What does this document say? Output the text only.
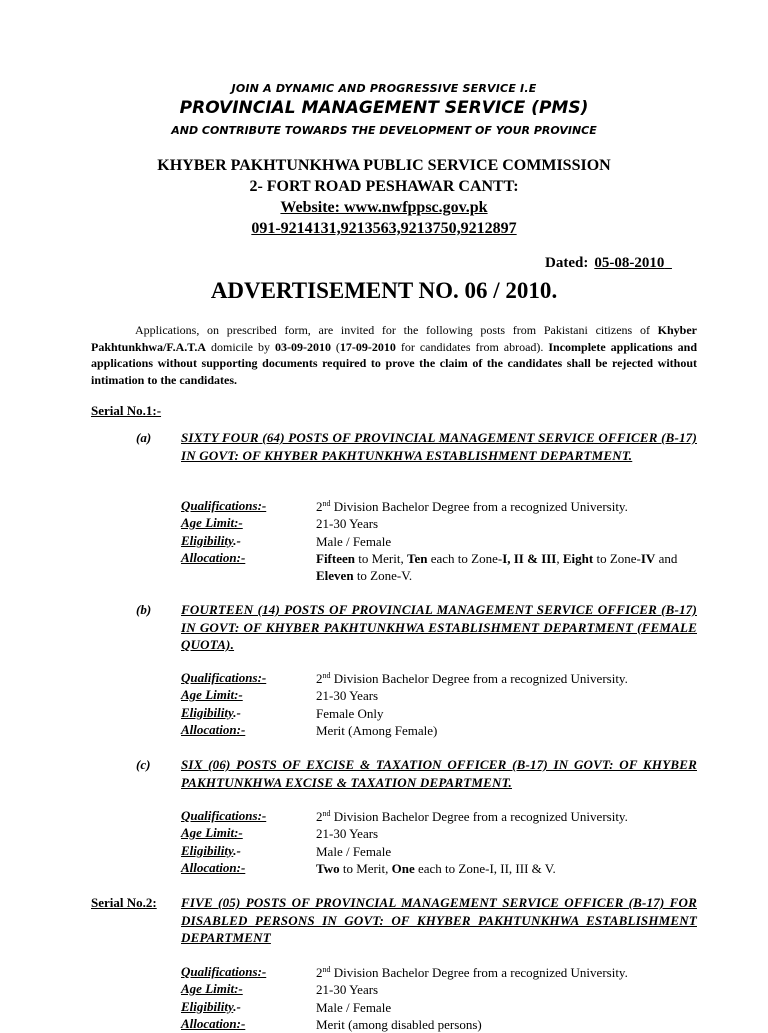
JOIN A DYNAMIC AND PROGRESSIVE SERVICE I.E
PROVINCIAL MANAGEMENT SERVICE (PMS)
AND CONTRIBUTE TOWARDS THE DEVELOPMENT OF YOUR PROVINCE
KHYBER PAKHTUNKHWA PUBLIC SERVICE COMMISSION
2- FORT ROAD PESHAWAR CANTT:
Website: www.nwfppsc.gov.pk
091-9214131,9213563,9213750,9212897
Dated: 05-08-2010
ADVERTISEMENT NO. 06 / 2010.
Applications, on prescribed form, are invited for the following posts from Pakistani citizens of Khyber Pakhtunkhwa/F.A.T.A domicile by 03-09-2010 (17-09-2010 for candidates from abroad). Incomplete applications and applications without supporting documents required to prove the claim of the candidates shall be rejected without intimation to the candidates.
Serial No.1:-
(a) SIXTY FOUR (64) POSTS OF PROVINCIAL MANAGEMENT SERVICE OFFICER (B-17) IN GOVT: OF KHYBER PAKHTUNKHWA ESTABLISHMENT DEPARTMENT.
Qualifications:-	2nd Division Bachelor Degree from a recognized University.
Age Limit:-	21-30 Years
Eligibility.-	Male / Female
Allocation:-	Fifteen to Merit, Ten each to Zone-I, II & III, Eight to Zone-IV and Eleven to Zone-V.
(b) FOURTEEN (14) POSTS OF PROVINCIAL MANAGEMENT SERVICE OFFICER (B-17) IN GOVT: OF KHYBER PAKHTUNKHWA ESTABLISHMENT DEPARTMENT (FEMALE QUOTA).
Qualifications:-	2nd Division Bachelor Degree from a recognized University.
Age Limit:-	21-30 Years
Eligibility.-	Female Only
Allocation:-	Merit (Among Female)
(c) SIX (06) POSTS OF EXCISE & TAXATION OFFICER (B-17) IN GOVT: OF KHYBER PAKHTUNKHWA EXCISE & TAXATION DEPARTMENT.
Qualifications:-	2nd Division Bachelor Degree from a recognized University.
Age Limit:-	21-30 Years
Eligibility.-	Male / Female
Allocation:-	Two to Merit, One each to Zone-I, II, III & V.
Serial No.2: FIVE (05) POSTS OF PROVINCIAL MANAGEMENT SERVICE OFFICER (B-17) FOR DISABLED PERSONS IN GOVT: OF KHYBER PAKHTUNKHWA ESTABLISHMENT DEPARTMENT
Qualifications:-	2nd Division Bachelor Degree from a recognized University.
Age Limit:-	21-30 Years
Eligibility.-	Male / Female
Allocation:-	Merit (among disabled persons)
